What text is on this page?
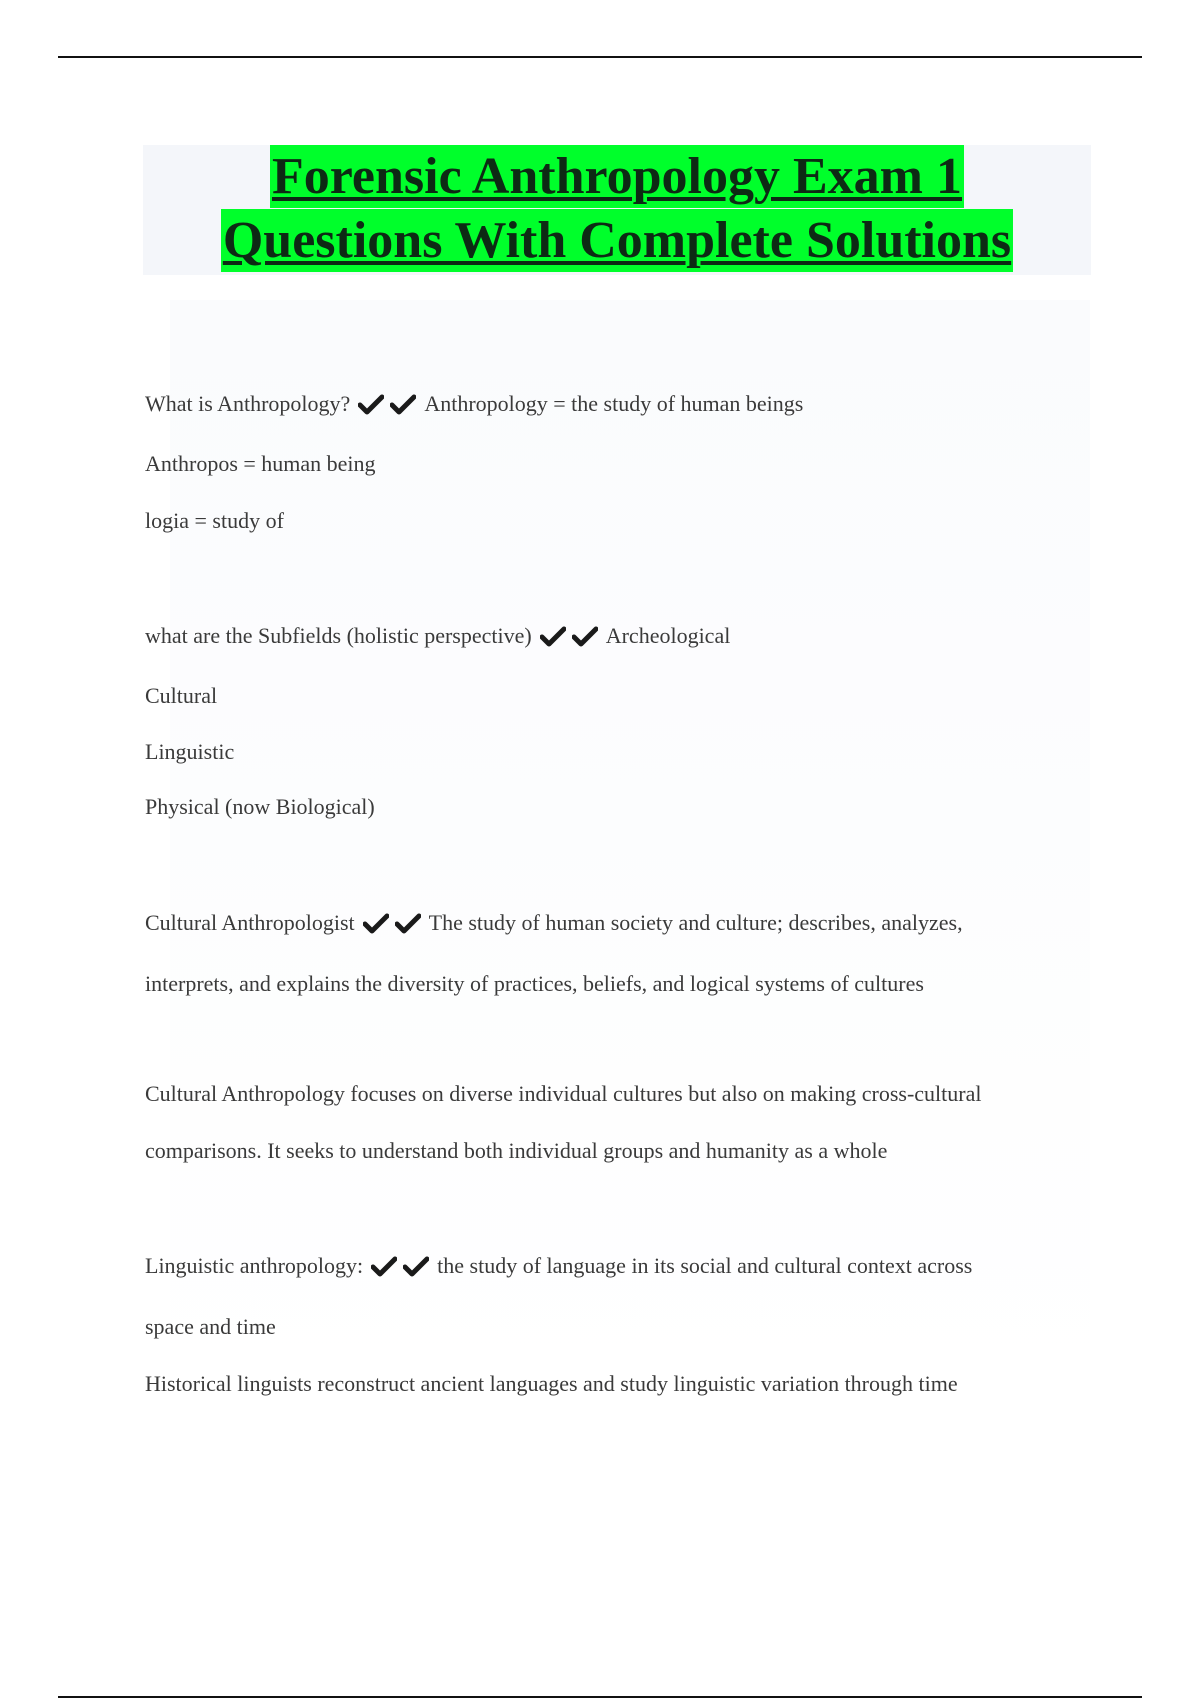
Forensic Anthropology Exam 1
Questions With Complete Solutions
What is Anthropology?	Anthropology = the study of human beings
Anthropos = human being
logia = study of
what are the Subfields (holistic perspective)	Archeological
Cultural
Linguistic
Physical (now Biological)
Cultural Anthropologist	The study of human society and culture; describes, analyzes,
interprets, and explains the diversity of practices, beliefs, and logical systems of cultures
Cultural Anthropology focuses on diverse individual cultures but also on making cross-cultural
comparisons. It seeks to understand both individual groups and humanity as a whole
Linguistic anthropology:	the study of language in its social and cultural context across
space and time
Historical linguists reconstruct ancient languages and study linguistic variation through time
